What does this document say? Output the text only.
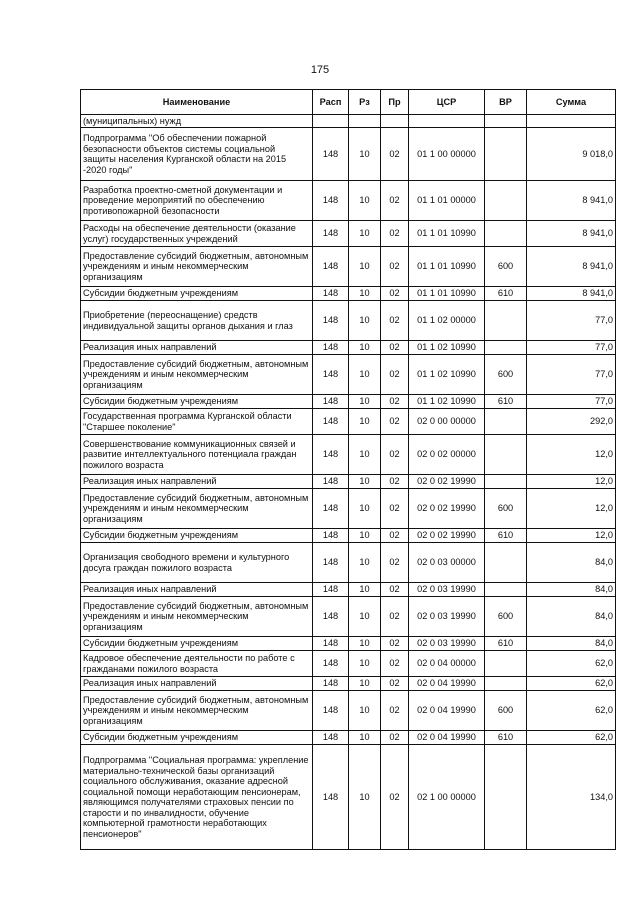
175
Наименование	Расп	Рз	Пр	ЦСР	ВР	Сумма
(муниципальных) нужд						
Подпрограмма "Об обеспечении пожарной безопасности объектов системы социальной защиты населения Курганской области на 2015 -2020 годы"	148	10	02	01 1 00 00000		9 018,0
Разработка проектно-сметной документации и проведение мероприятий по обеспечению противопожарной безопасности	148	10	02	01 1 01 00000		8 941,0
Расходы на обеспечение деятельности (оказание услуг) государственных учреждений	148	10	02	01 1 01 10990		8 941,0
Предоставление субсидий бюджетным, автономным учреждениям и иным некоммерческим организациям	148	10	02	01 1 01 10990	600	8 941,0
Субсидии бюджетным учреждениям	148	10	02	01 1 01 10990	610	8 941,0
Приобретение (переоснащение) средств индивидуальной защиты органов дыхания и глаз	148	10	02	01 1 02 00000		77,0
Реализация иных направлений	148	10	02	01 1 02 10990		77,0
Предоставление субсидий бюджетным, автономным учреждениям и иным некоммерческим организациям	148	10	02	01 1 02 10990	600	77,0
Субсидии бюджетным учреждениям	148	10	02	01 1 02 10990	610	77,0
Государственная программа Курганской области "Старшее поколение"	148	10	02	02 0 00 00000		292,0
Совершенствование коммуникационных связей и развитие интеллектуального потенциала граждан пожилого возраста	148	10	02	02 0 02 00000		12,0
Реализация иных направлений	148	10	02	02 0 02 19990		12,0
Предоставление субсидий бюджетным, автономным учреждениям и иным некоммерческим организациям	148	10	02	02 0 02 19990	600	12,0
Субсидии бюджетным учреждениям	148	10	02	02 0 02 19990	610	12,0
Организация свободного времени и культурного досуга граждан пожилого возраста	148	10	02	02 0 03 00000		84,0
Реализация иных направлений	148	10	02	02 0 03 19990		84,0
Предоставление субсидий бюджетным, автономным учреждениям и иным некоммерческим организациям	148	10	02	02 0 03 19990	600	84,0
Субсидии бюджетным учреждениям	148	10	02	02 0 03 19990	610	84,0
Кадровое обеспечение деятельности по работе с гражданами пожилого возраста	148	10	02	02 0 04 00000		62,0
Реализация иных направлений	148	10	02	02 0 04 19990		62,0
Предоставление субсидий бюджетным, автономным учреждениям и иным некоммерческим организациям	148	10	02	02 0 04 19990	600	62,0
Субсидии бюджетным учреждениям	148	10	02	02 0 04 19990	610	62,0
Подпрограмма "Социальная программа: укрепление материально-технической базы организаций социального обслуживания, оказание адресной социальной помощи неработающим пенсионерам, являющимся получателями страховых пенсии по старости и по инвалидности, обучение компьютерной грамотности неработающих пенсионеров"	148	10	02	02 1 00 00000		134,0
